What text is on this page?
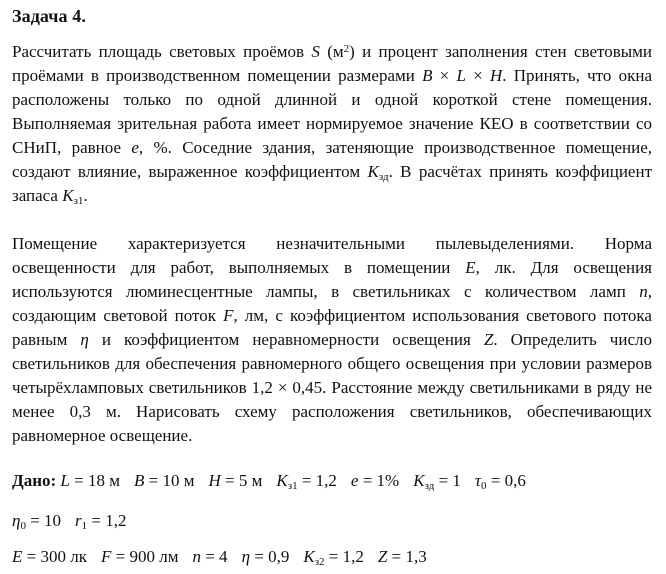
Задача 4.
Рассчитать площадь световых проёмов S $(м^2)$ и процент заполнения стен световыми проёмами в производственном помещении размерами B × L × H. Принять, что окна расположены только по одной длинной и одной короткой стене помещения. Выполняемая зрительная работа имеет нормируемое значение КЕО в соответствии со СНиП, равное e, %. Соседние здания, затеняющие производственное помещение, создают влияние, выраженное коэффициентом $K_{зд}$. В расчётах принять коэффициент запаса $K_{з1}$.
Помещение характеризуется незначительными пылевыделениями. Норма освещенности для работ, выполняемых в помещении E, лк. Для освещения используются люминесцентные лампы, в светильниках с количеством ламп n, создающим световой поток F, лм, с коэффициентом использования светового потока равным η и коэффициентом неравномерности освещения Z. Определить число светильников для обеспечения равномерного общего освещения при условии размеров четырёхламповых светильников 1,2 × 0,45. Расстояние между светильниками в ряду не менее 0,3 м. Нарисовать схему расположения светильников, обеспечивающих равномерное освещение.
Дано: L = 18 м B = 10 м H = 5 м $K_{з1} = 1,2$ e = 1% $K_{зд} = 1$ $\tau_0 = 0,6$
$\eta_0 = 10$ $r_1 = 1,2$
E = 300 лк F = 900 лм n = 4 η = 0,9 $K_{з2} = 1,2$ Z = 1,3
